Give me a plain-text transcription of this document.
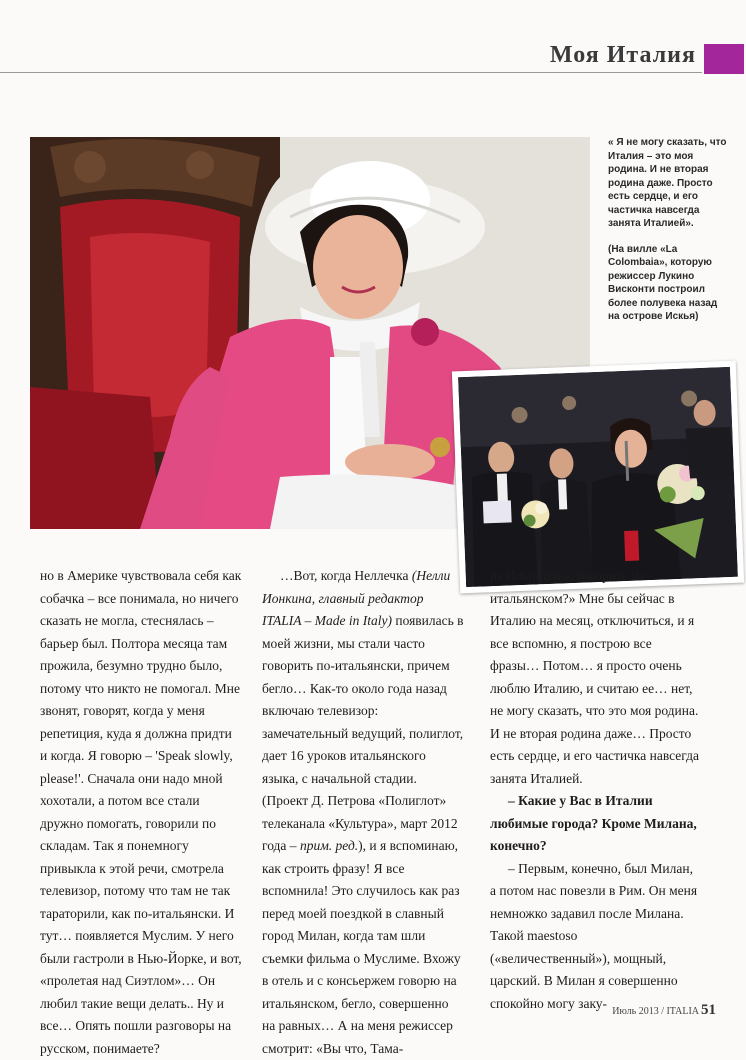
Моя Италия

« Я не могу сказать, что Италия – это моя родина. И не вторая родина даже. Просто есть сердце, и его частичка навсегда занята Италией».

(На вилле «La Colombaia», которую режиссер Лукино Висконти построил более полувека назад на острове Искья)

но в Америке чувствовала себя как собачка – все понимала, но ничего сказать не могла, стеснялась – барьер был. Полтора месяца там прожила, безумно трудно было, потому что никто не помогал. Мне звонят, говорят, когда у меня репетиция, куда я должна придти и когда. Я говорю – 'Speak slowly, please!'. Сначала они надо мной хохотали, а потом все стали дружно помогать, говорили по складам. Так я понемногу привыкла к этой речи, смотрела телевизор, потому что там не так тараторили, как по-итальянски. И тут… появляется Муслим. У него были гастроли в Нью-Йорке, и вот, «пролетая над Сиэтлом»… Он любил такие вещи делать.. Ну и все… Опять пошли разговоры на русском, понимаете?

…Вот, когда Неллечка (Нелли Ионкина, главный редактор ITALIA – Made in Italy) появилась в моей жизни, мы стали часто говорить по-итальянски, причем бегло… Как-то около года назад включаю телевизор: замечательный ведущий, полиглот, дает 16 уроков итальянского языка, с начальной стадии. (Проект Д. Петрова «Полиглот» телеканала «Культура», март 2012 года – прим. ред.), и я вспоминаю, как строить фразу! Я все вспомнила! Это случилось как раз перед моей поездкой в славный город Милан, когда там шли съемки фильма о Муслиме. Вхожу в отель и с консьержем говорю на итальянском, бегло, совершенно на равных… А на меня режиссер смотрит: «Вы что, Тама-

ра Ильинична, говорите на итальянском?» Мне бы сейчас в Италию на месяц, отключиться, и я все вспомню, я построю все фразы… Потом… я просто очень люблю Италию, и считаю ее… нет, не могу сказать, что это моя родина. И не вторая родина даже… Просто есть сердце, и его частичка навсегда занята Италией.

– Какие у Вас в Италии любимые города? Кроме Милана, конечно?

– Первым, конечно, был Милан, а потом нас повезли в Рим. Он меня немножко задавил после Милана. Такой maestoso («величественный»), мощный, царский. В Милан я совершенно спокойно могу заку-

Июль 2013 / ITALIA 51
